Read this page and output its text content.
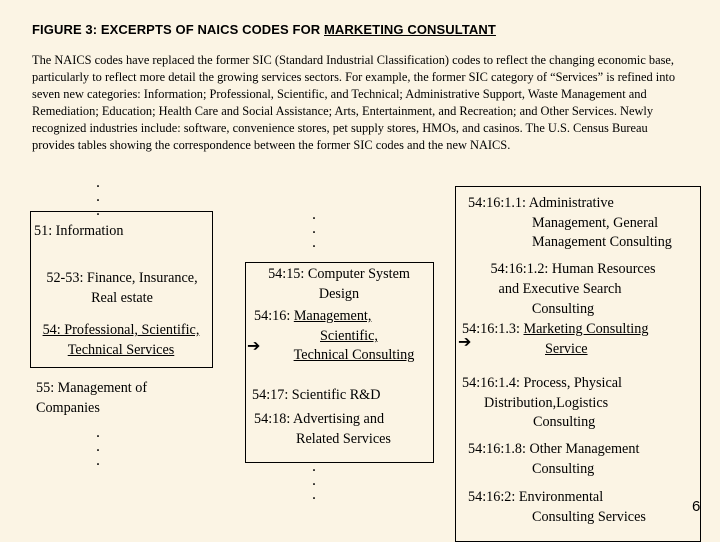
FIGURE 3: EXCERPTS OF NAICS CODES FOR MARKETING CONSULTANT
The NAICS codes have replaced the former SIC (Standard Industrial Classification) codes to reflect the changing economic base, particularly to reflect more detail the growing services sectors. For example, the former SIC category of “Services” is refined into seven new categories: Information; Professional, Scientific, and Technical; Administrative Support, Waste Management and Remediation; Education; Health Care and Social Assistance; Arts, Entertainment, and Recreation; and Other Services. Newly recognized industries include: software, convenience stores, pet supply stores, HMOs, and casinos. The U.S. Census Bureau provides tables showing the correspondence between the former SIC codes and the new NAICS.
.
.
.
51: Information
52-53: Finance, Insurance,
Real estate
54: Professional, Scientific,
Technical Services
55: Management of
Companies
.
.
.
.
.
.
54:15: Computer System
Design
54:16: Management,
Scientific,
➔	Technical Consulting
54:17: Scientific R&D
54:18: Advertising and
Related Services
.
.
.
54:16:1.1: Administrative
Management, General
Management Consulting
54:16:1.2: Human Resources
and Executive Search
Consulting
54:16:1.3: Marketing Consulting
➔	Service
54:16:1.4: Process, Physical
Distribution,Logistics
Consulting
54:16:1.8: Other Management
Consulting
54:16:2: Environmental
Consulting Services
6
